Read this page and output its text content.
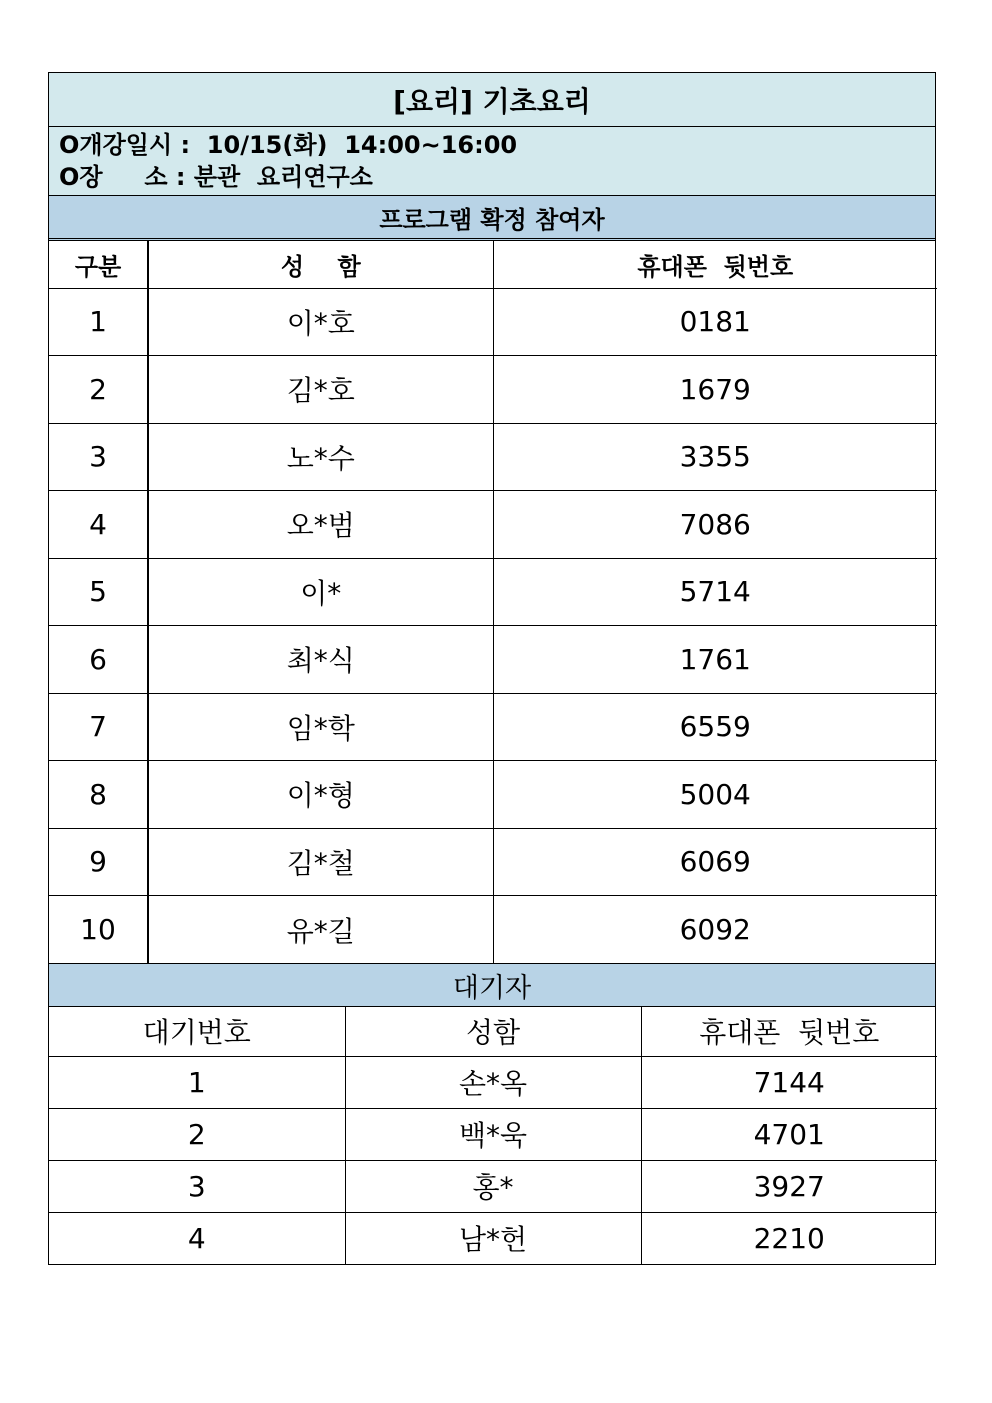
[요리] 기초요리
O개강일시 :  10/15(화)  14:00~16:00
O장     소 : 분관  요리연구소
프로그램 확정 참여자
구분	성    함	휴대폰  뒷번호
1	이*호	0181
2	김*호	1679
3	노*수	3355
4	오*범	7086
5	이*	5714
6	최*식	1761
7	임*학	6559
8	이*형	5004
9	김*철	6069
10	유*길	6092
대기자
대기번호	성함	휴대폰  뒷번호
1	손*옥	7144
2	백*욱	4701
3	홍*	3927
4	남*헌	2210
